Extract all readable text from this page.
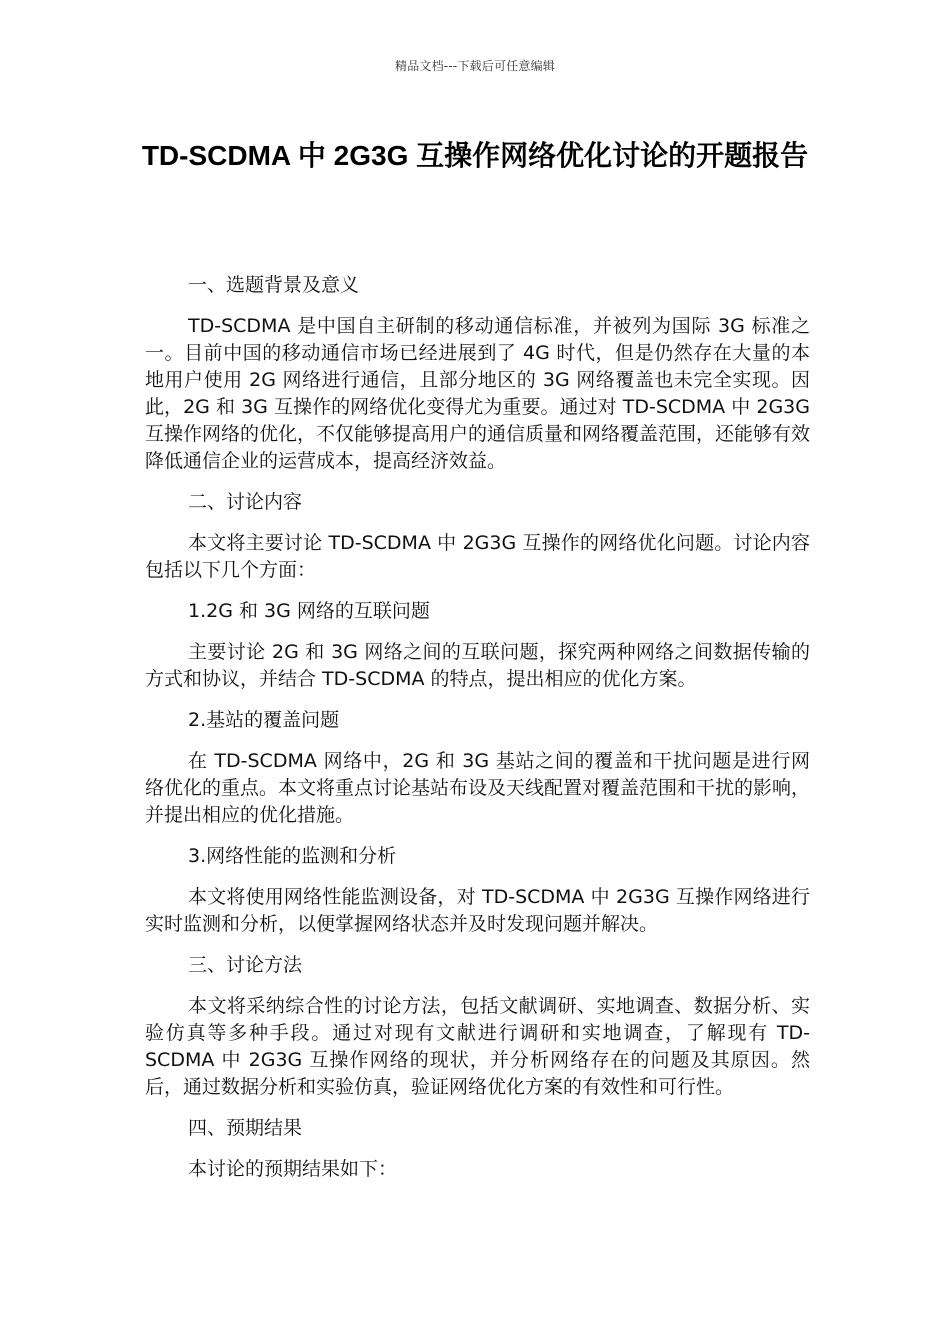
精品文档---下载后可任意编辑
TD-SCDMA 中 2G3G 互操作网络优化讨论的开题报告

一、选题背景及意义

TD-SCDMA 是中国自主研制的移动通信标准，并被列为国际 3G 标准之一。目前中国的移动通信市场已经进展到了 4G 时代，但是仍然存在大量的本地用户使用 2G 网络进行通信，且部分地区的 3G 网络覆盖也未完全实现。因此，2G 和 3G 互操作的网络优化变得尤为重要。通过对 TD-SCDMA 中 2G3G 互操作网络的优化，不仅能够提高用户的通信质量和网络覆盖范围，还能够有效降低通信企业的运营成本，提高经济效益。

二、讨论内容

本文将主要讨论 TD-SCDMA 中 2G3G 互操作的网络优化问题。讨论内容包括以下几个方面：

1.2G 和 3G 网络的互联问题

主要讨论 2G 和 3G 网络之间的互联问题，探究两种网络之间数据传输的方式和协议，并结合 TD-SCDMA 的特点，提出相应的优化方案。

2.基站的覆盖问题

在 TD-SCDMA 网络中，2G 和 3G 基站之间的覆盖和干扰问题是进行网络优化的重点。本文将重点讨论基站布设及天线配置对覆盖范围和干扰的影响，并提出相应的优化措施。

3.网络性能的监测和分析

本文将使用网络性能监测设备，对 TD-SCDMA 中 2G3G 互操作网络进行实时监测和分析，以便掌握网络状态并及时发现问题并解决。

三、讨论方法

本文将采纳综合性的讨论方法，包括文献调研、实地调查、数据分析、实验仿真等多种手段。通过对现有文献进行调研和实地调查，了解现有 TD-SCDMA 中 2G3G 互操作网络的现状，并分析网络存在的问题及其原因。然后，通过数据分析和实验仿真，验证网络优化方案的有效性和可行性。

四、预期结果

本讨论的预期结果如下：
